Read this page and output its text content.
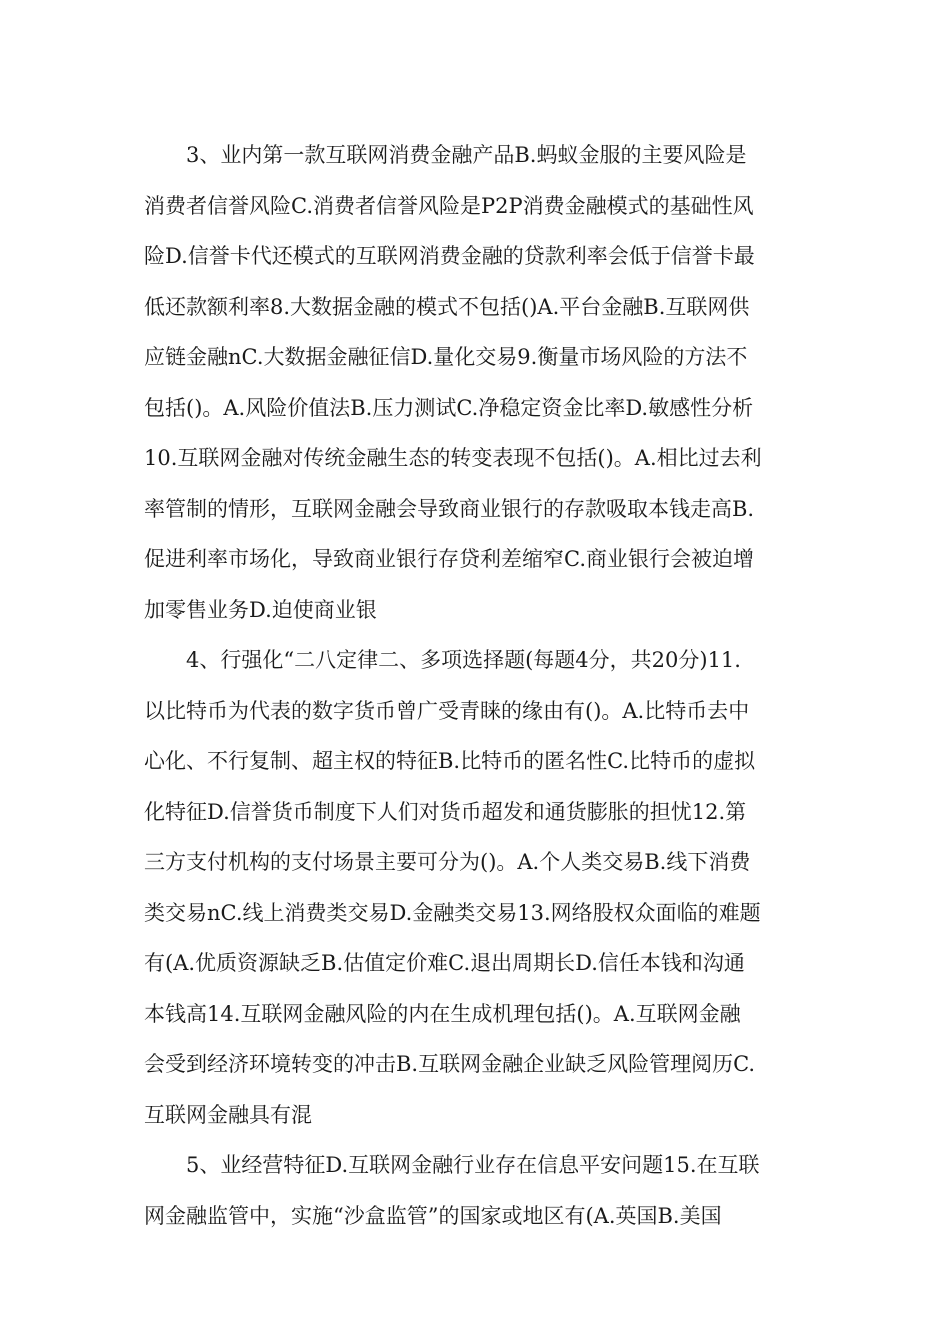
3、业内第一款互联网消费金融产品B.蚂蚁金服的主要风险是
消费者信誉风险C.消费者信誉风险是P2P消费金融模式的基础性风
险D.信誉卡代还模式的互联网消费金融的贷款利率会低于信誉卡最
低还款额利率8.大数据金融的模式不包括()A.平台金融B.互联网供
应链金融nC.大数据金融征信D.量化交易9.衡量市场风险的方法不
包括()。A.风险价值法B.压力测试C.净稳定资金比率D.敏感性分析
10.互联网金融对传统金融生态的转变表现不包括()。A.相比过去利
率管制的情形，互联网金融会导致商业银行的存款吸取本钱走高B.
促进利率市场化，导致商业银行存贷利差缩窄C.商业银行会被迫增
加零售业务D.迫使商业银
4、行强化“二八定律二、多项选择题(每题4分，共20分)11.
以比特币为代表的数字货币曾广受青睐的缘由有()。A.比特币去中
心化、不行复制、超主权的特征B.比特币的匿名性C.比特币的虚拟
化特征D.信誉货币制度下人们对货币超发和通货膨胀的担忧12.第
三方支付机构的支付场景主要可分为()。A.个人类交易B.线下消费
类交易nC.线上消费类交易D.金融类交易13.网络股权众面临的难题
有(A.优质资源缺乏B.估值定价难C.退出周期长D.信任本钱和沟通
本钱高14.互联网金融风险的内在生成机理包括()。A.互联网金融
会受到经济环境转变的冲击B.互联网金融企业缺乏风险管理阅历C.
互联网金融具有混
5、业经营特征D.互联网金融行业存在信息平安问题15.在互联
网金融监管中，实施“沙盒监管”的国家或地区有(A.英国B.美国
